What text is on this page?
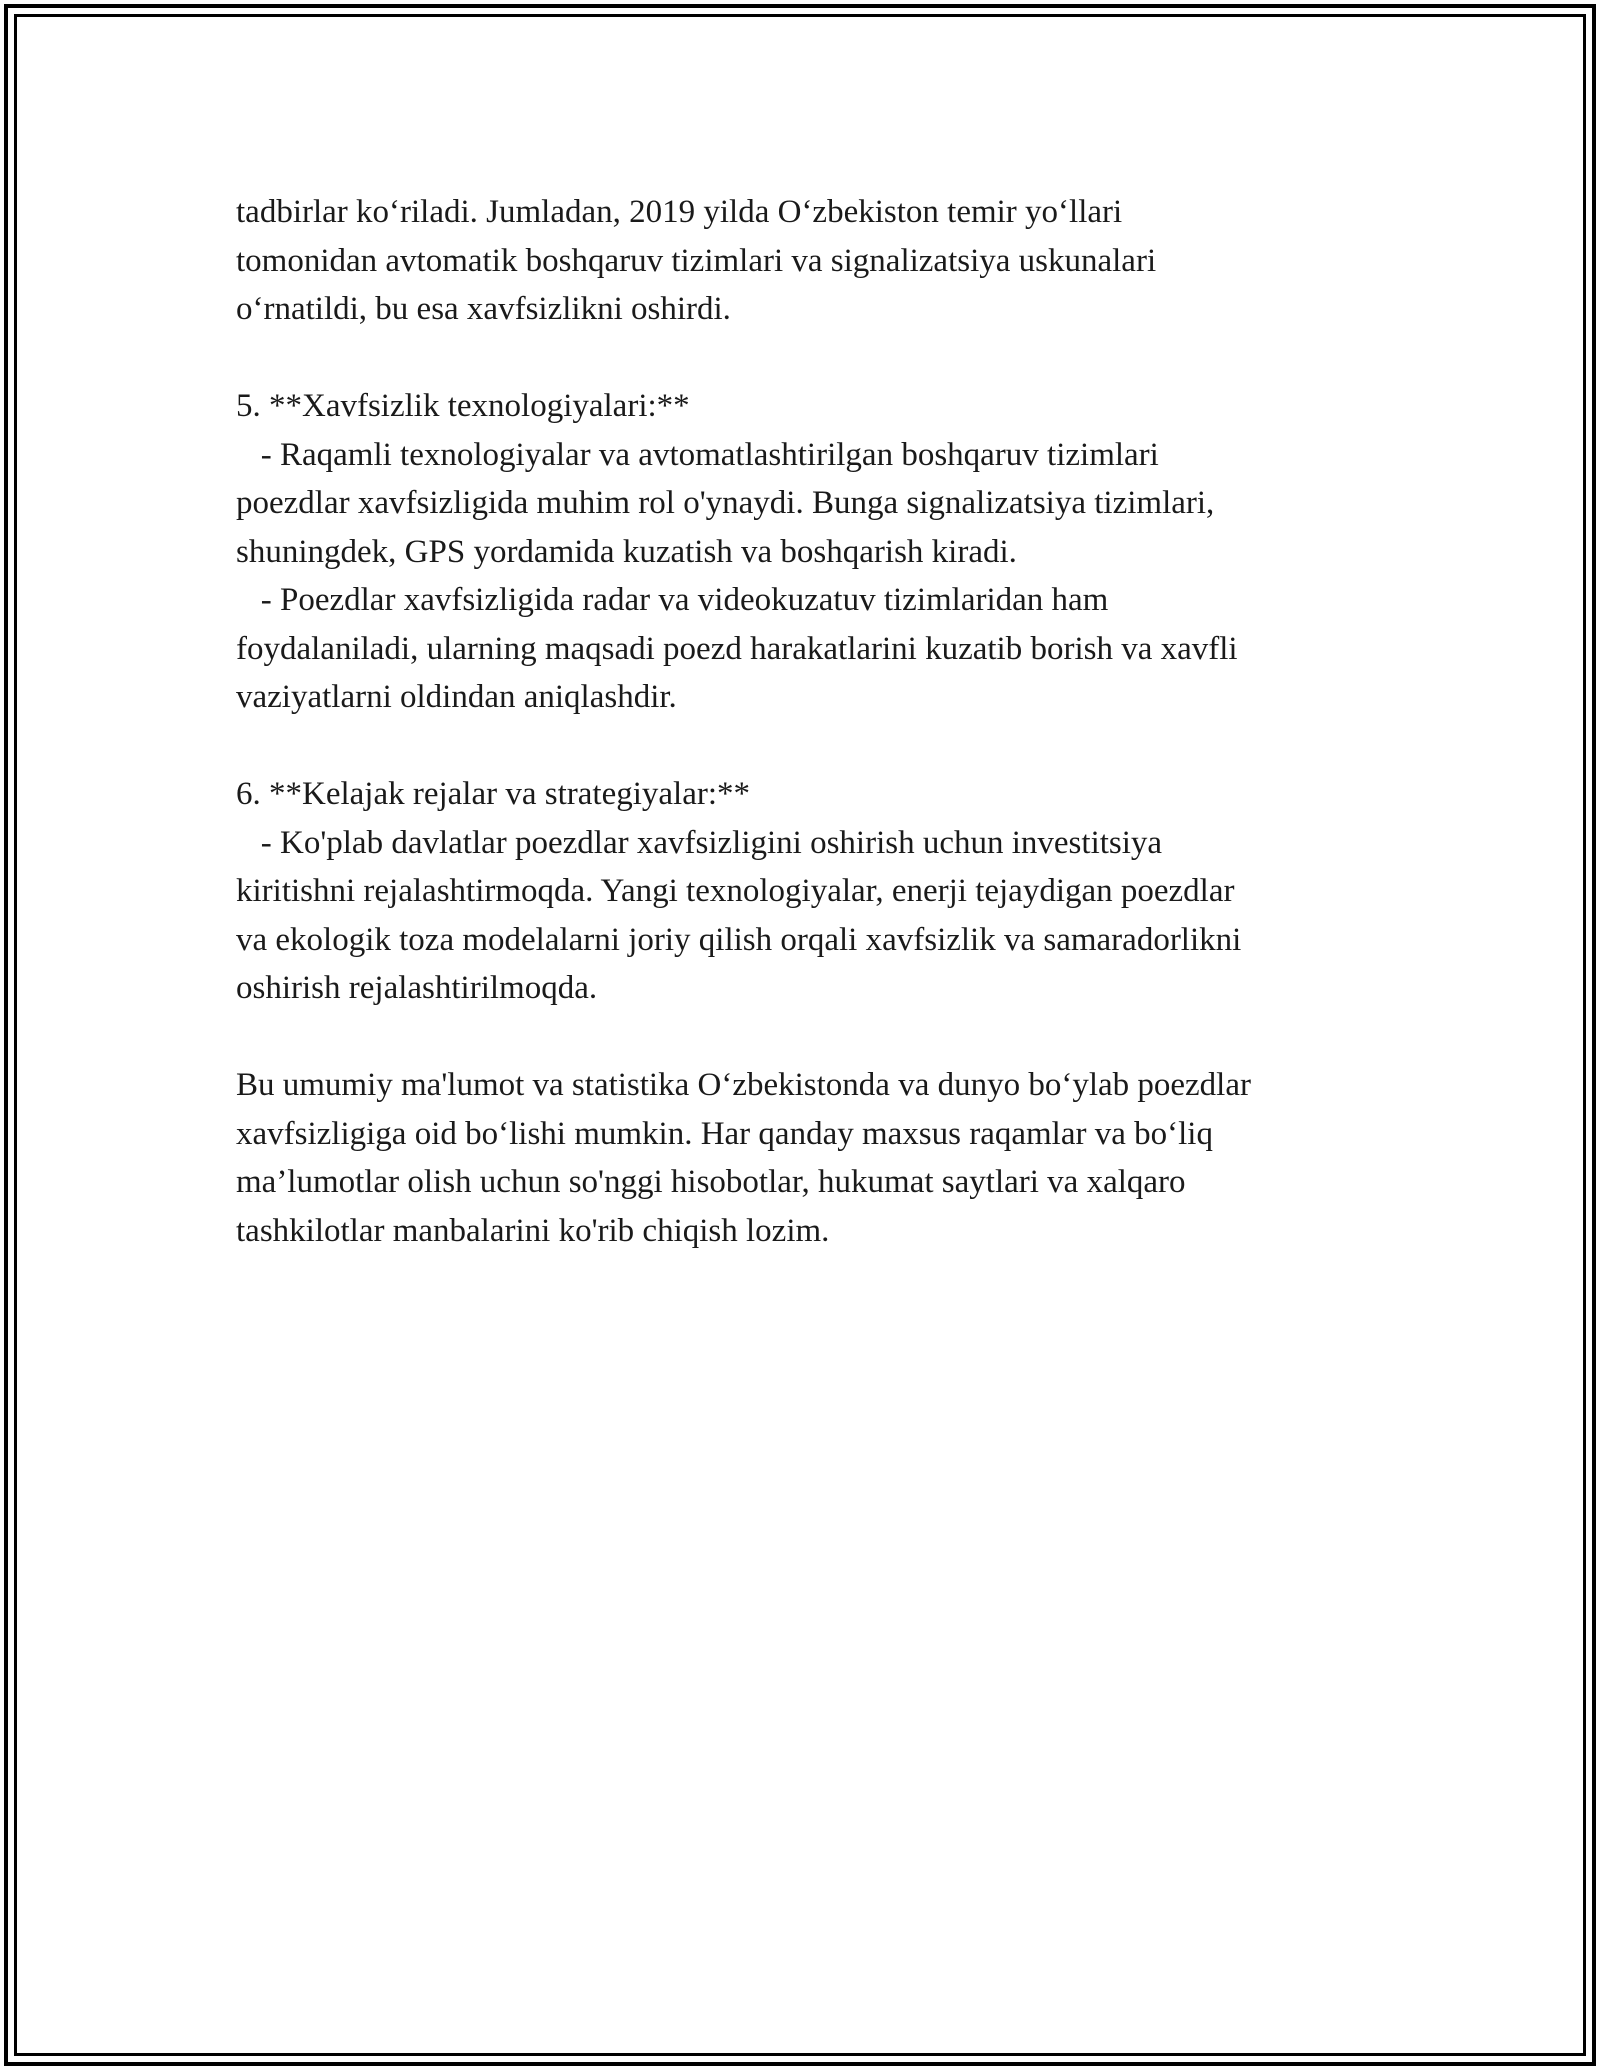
tadbirlar koʻriladi. Jumladan, 2019 yilda Oʻzbekiston temir yoʻllari
tomonidan avtomatik boshqaruv tizimlari va signalizatsiya uskunalari
oʻrnatildi, bu esa xavfsizlikni oshirdi.

5. **Xavfsizlik texnologiyalari:**

- Raqamli texnologiyalar va avtomatlashtirilgan boshqaruv tizimlari
poezdlar xavfsizligida muhim rol o'ynaydi. Bunga signalizatsiya tizimlari,
shuningdek, GPS yordamida kuzatish va boshqarish kiradi.

- Poezdlar xavfsizligida radar va videokuzatuv tizimlaridan ham
foydalaniladi, ularning maqsadi poezd harakatlarini kuzatib borish va xavfli
vaziyatlarni oldindan aniqlashdir.

6. **Kelajak rejalar va strategiyalar:**

- Ko'plab davlatlar poezdlar xavfsizligini oshirish uchun investitsiya
kiritishni rejalashtirmoqda. Yangi texnologiyalar, enerji tejaydigan poezdlar
va ekologik toza modelalarni joriy qilish orqali xavfsizlik va samaradorlikni
oshirish rejalashtirilmoqda.

Bu umumiy ma'lumot va statistika Oʻzbekistonda va dunyo boʻylab poezdlar
xavfsizligiga oid boʻlishi mumkin. Har qanday maxsus raqamlar va boʻliq
ma’lumotlar olish uchun so'nggi hisobotlar, hukumat saytlari va xalqaro
tashkilotlar manbalarini ko'rib chiqish lozim.
